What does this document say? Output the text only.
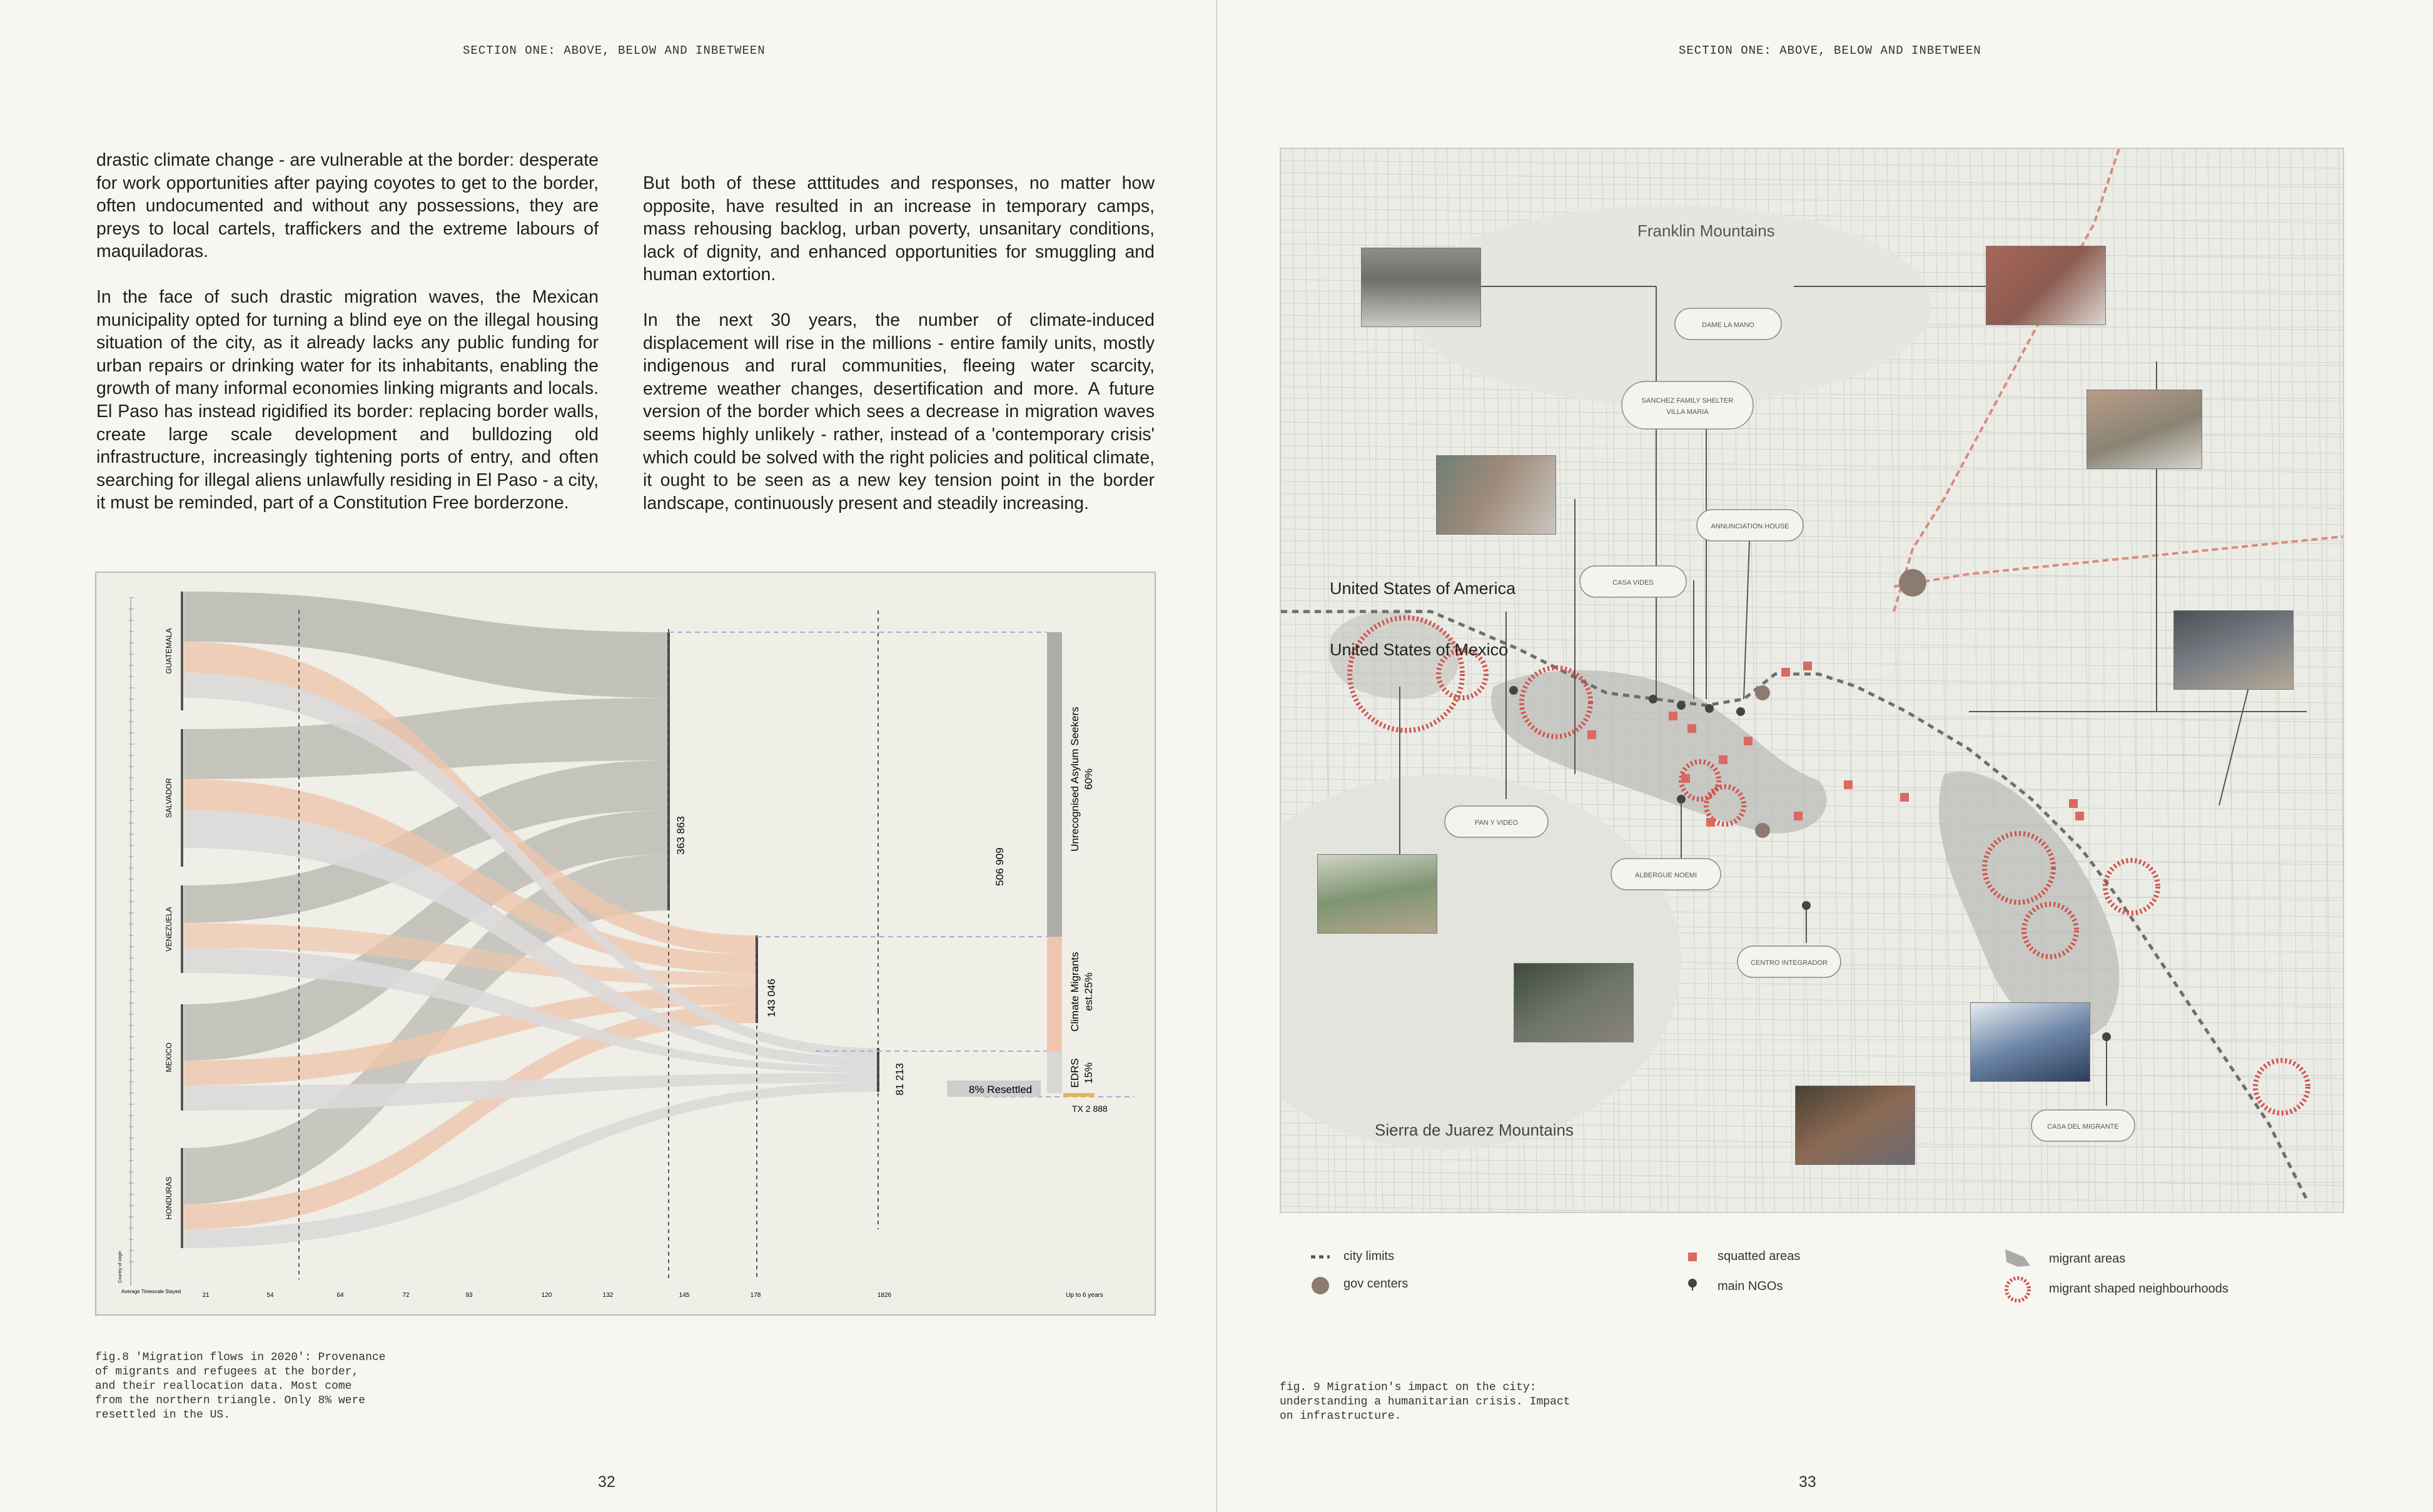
SECTION ONE: ABOVE, BELOW AND INBETWEEN

drastic climate change - are vulnerable at the border: desperate for work opportunities after paying coyotes to get to the border, often undocumented and without any possessions, they are preys to local cartels, traffickers and the extreme labours of maquiladoras.

In the face of such drastic migration waves, the Mexican municipality opted for turning a blind eye on the illegal housing situation of the city, as it already lacks any public funding for urban repairs or drinking water for its inhabitants, enabling the growth of many informal economies linking migrants and locals. El Paso has instead rigidified its border: replacing border walls, create large scale development and bulldozing old infrastructure, increasingly tightening ports of entry, and often searching for illegal aliens unlawfully residing in El Paso - a city, it must be reminded, part of a Constitution Free borderzone.

But both of these atttitudes and responses, no matter how opposite, have resulted in an increase in temporary camps, mass rehousing backlog, urban poverty, unsanitary conditions, lack of dignity, and enhanced opportunities for smuggling and human extortion.

In the next 30 years, the number of climate-induced displacement will rise in the millions - entire family units, mostly indigenous and rural communities, fleeing water scarcity, extreme weather changes, desertification and more. A future version of the border which sees a decrease in migration waves seems highly unlikely - rather, instead of a 'contemporary crisis' which could be solved with the right policies and political climate, it ought to be seen as a new key tension point in the border landscape, continuously present and steadily increasing.

GUATEMALA
SALVADOR
VENEZUELA
MEXICO
HONDURAS
363 863
143 046
81 213
506 909
Unrecognised Asylum Seekers 60%
Climate Migrants est.25%
EDRS 15%
8% Resettled
TX 2 888
Country of origin
Average Timescale Stayed
21	54	64	72	93	120	132	145	178	1826	Up to 6 years
fig.8 'Migration flows in 2020': Provenance
of migrants and refugees at the border,
and their reallocation data. Most come
from the northern triangle. Only 8% were
resettled in the US.
32
SECTION ONE: ABOVE, BELOW AND INBETWEEN
Franklin Mountains
United States of America
United States of Mexico
Sierra de Juarez Mountains
DAME LA MANO
SANCHEZ FAMILY SHELTER
VILLA MARIA
ANNUNCIATION HOUSE
CASA VIDES
PAN Y VIDEO
ALBERGUE NOEMI
CENTRO INTEGRADOR
CASA DEL MIGRANTE
city limits
gov centers
squatted areas
main NGOs
migrant areas
migrant shaped neighbourhoods
fig. 9 Migration's impact on the city:
understanding a humanitarian crisis. Impact
on infrastructure.
33
